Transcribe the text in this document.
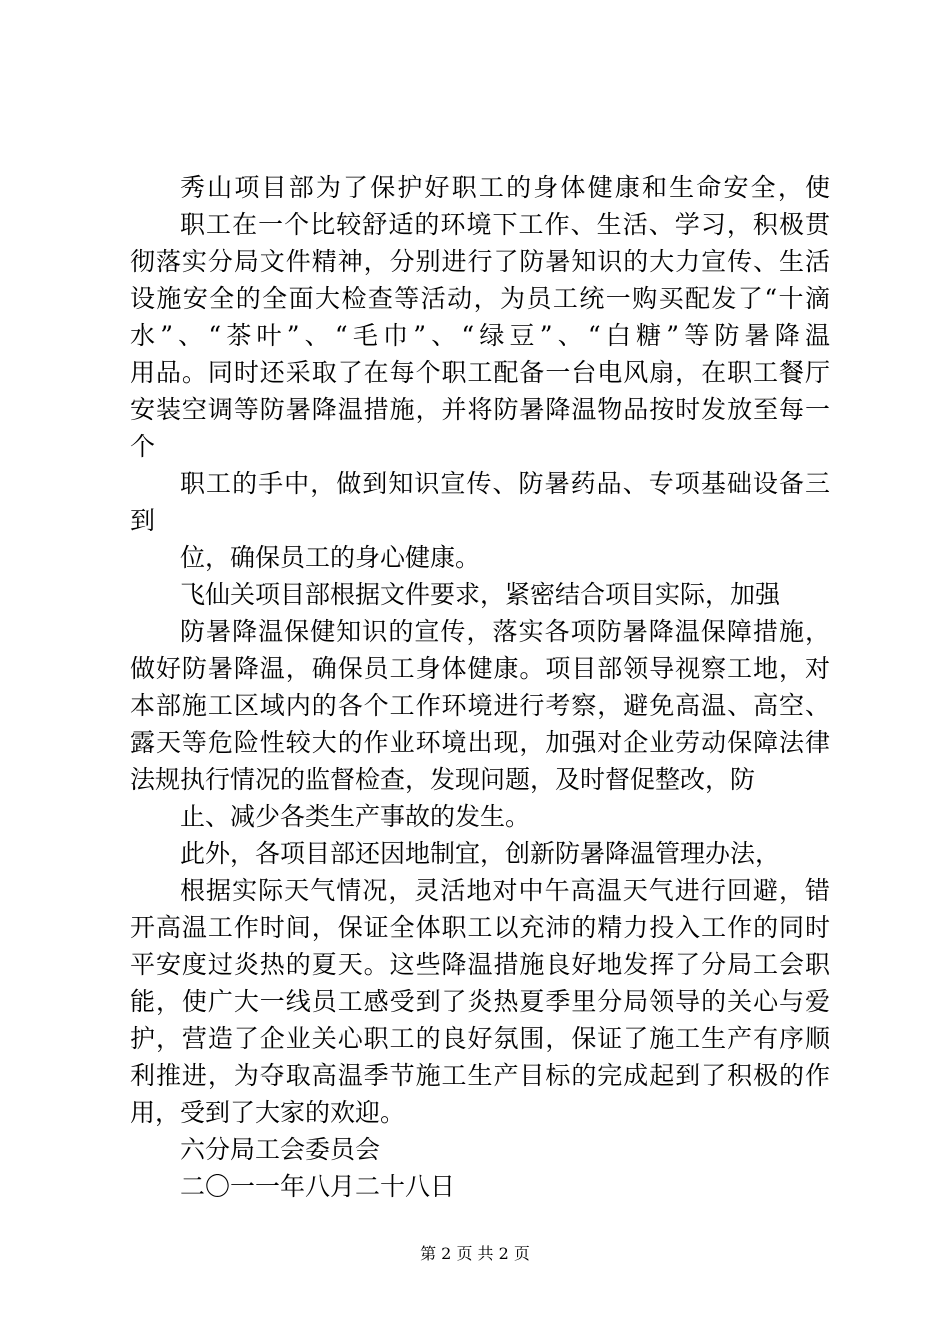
秀山项目部为了保护好职工的身体健康和生命安全，使
职工在一个比较舒适的环境下工作、生活、学习，积极贯
彻落实分局文件精神，分别进行了防暑知识的大力宣传、生活
设施安全的全面大检查等活动，为员工统一购买配发了“十滴
水”、“茶叶”、“毛巾”、“绿豆”、“白糖”等防暑降温
用品。同时还采取了在每个职工配备一台电风扇，在职工餐厅
安装空调等防暑降温措施，并将防暑降温物品按时发放至每一
个
职工的手中，做到知识宣传、防暑药品、专项基础设备三
到
位，确保员工的身心健康。
飞仙关项目部根据文件要求，紧密结合项目实际，加强
防暑降温保健知识的宣传，落实各项防暑降温保障措施，
做好防暑降温，确保员工身体健康。项目部领导视察工地，对
本部施工区域内的各个工作环境进行考察，避免高温、高空、
露天等危险性较大的作业环境出现，加强对企业劳动保障法律
法规执行情况的监督检查，发现问题，及时督促整改，防
止、减少各类生产事故的发生。
此外，各项目部还因地制宜，创新防暑降温管理办法，
根据实际天气情况，灵活地对中午高温天气进行回避，错
开高温工作时间，保证全体职工以充沛的精力投入工作的同时
平安度过炎热的夏天。这些降温措施良好地发挥了分局工会职
能，使广大一线员工感受到了炎热夏季里分局领导的关心与爱
护，营造了企业关心职工的良好氛围，保证了施工生产有序顺
利推进，为夺取高温季节施工生产目标的完成起到了积极的作
用，受到了大家的欢迎。
六分局工会委员会
二〇一一年八月二十八日
第 2 页 共 2 页
